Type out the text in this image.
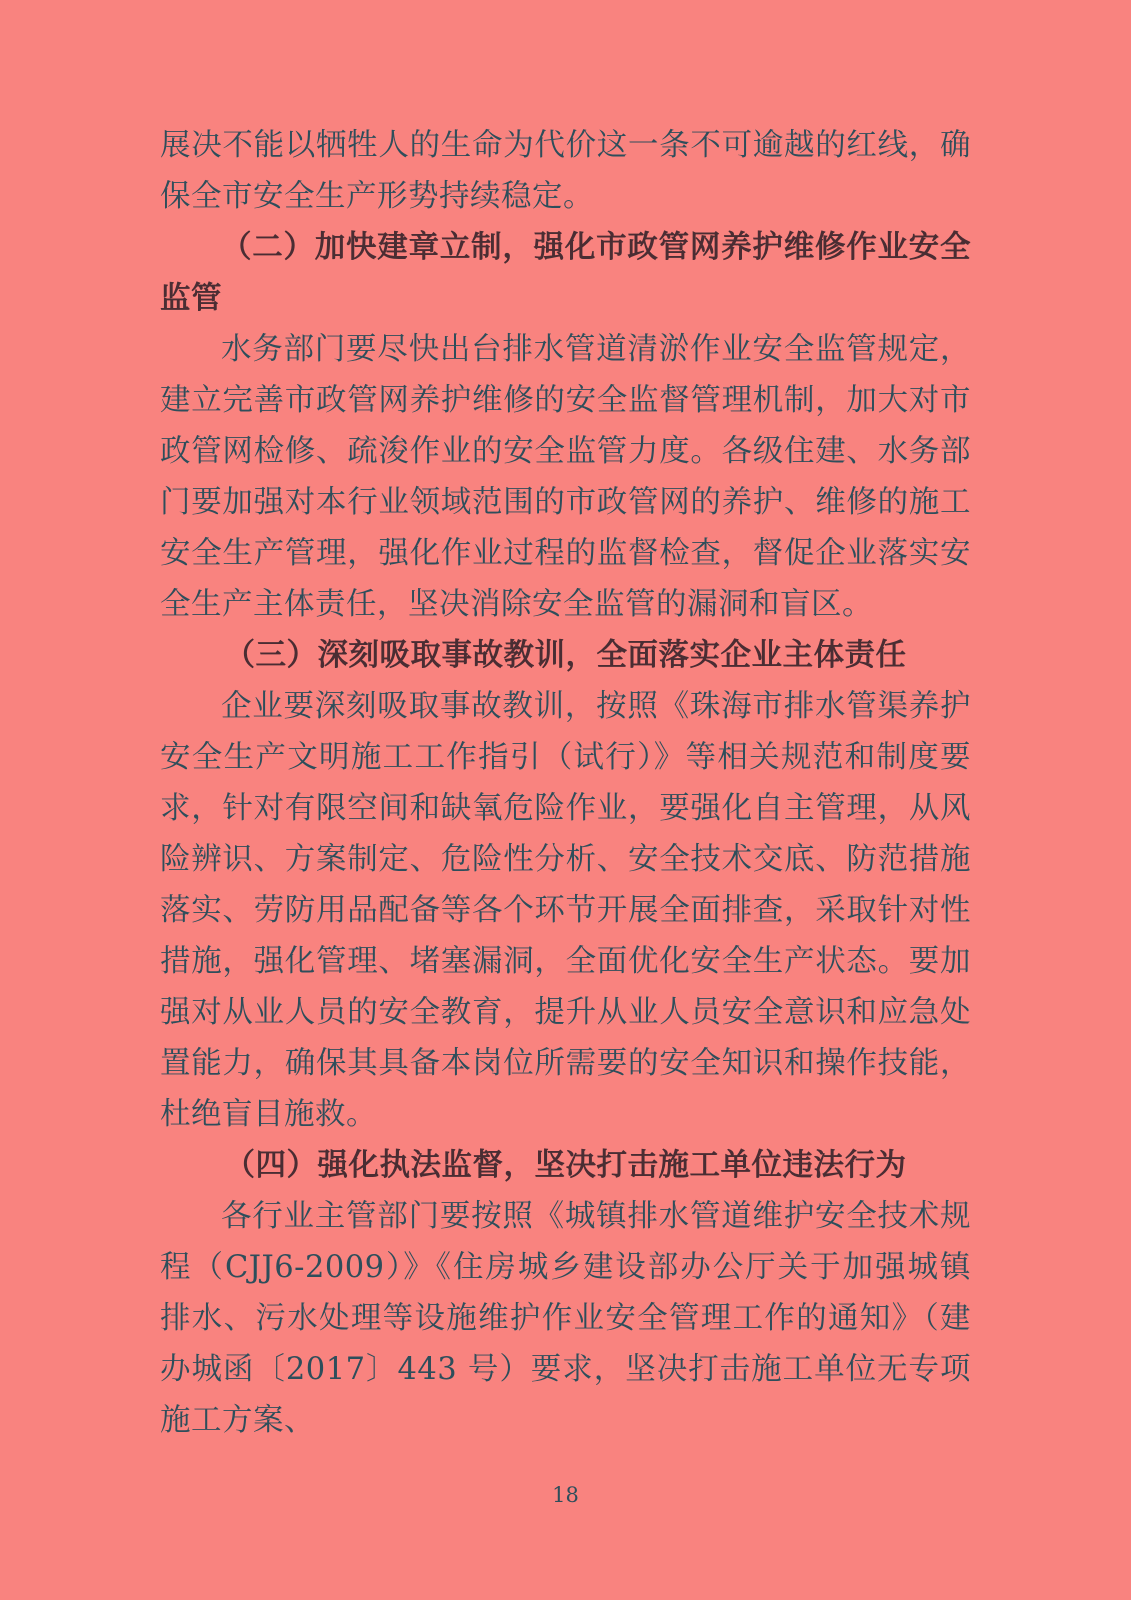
展决不能以牺牲人的生命为代价这一条不可逾越的红线，确保全市安全生产形势持续稳定。

（二）加快建章立制，强化市政管网养护维修作业安全监管

水务部门要尽快出台排水管道清淤作业安全监管规定，建立完善市政管网养护维修的安全监督管理机制，加大对市政管网检修、疏浚作业的安全监管力度。各级住建、水务部门要加强对本行业领域范围的市政管网的养护、维修的施工安全生产管理，强化作业过程的监督检查，督促企业落实安全生产主体责任，坚决消除安全监管的漏洞和盲区。

（三）深刻吸取事故教训，全面落实企业主体责任

企业要深刻吸取事故教训，按照《珠海市排水管渠养护安全生产文明施工工作指引（试行）》等相关规范和制度要求，针对有限空间和缺氧危险作业，要强化自主管理，从风险辨识、方案制定、危险性分析、安全技术交底、防范措施落实、劳防用品配备等各个环节开展全面排查，采取针对性措施，强化管理、堵塞漏洞，全面优化安全生产状态。要加强对从业人员的安全教育，提升从业人员安全意识和应急处置能力，确保其具备本岗位所需要的安全知识和操作技能，杜绝盲目施救。

（四）强化执法监督，坚决打击施工单位违法行为

各行业主管部门要按照《城镇排水管道维护安全技术规程（CJJ6-2009）》《住房城乡建设部办公厅关于加强城镇排水、污水处理等设施维护作业安全管理工作的通知》（建办城函〔2017〕443 号）要求，坚决打击施工单位无专项施工方案、

18
